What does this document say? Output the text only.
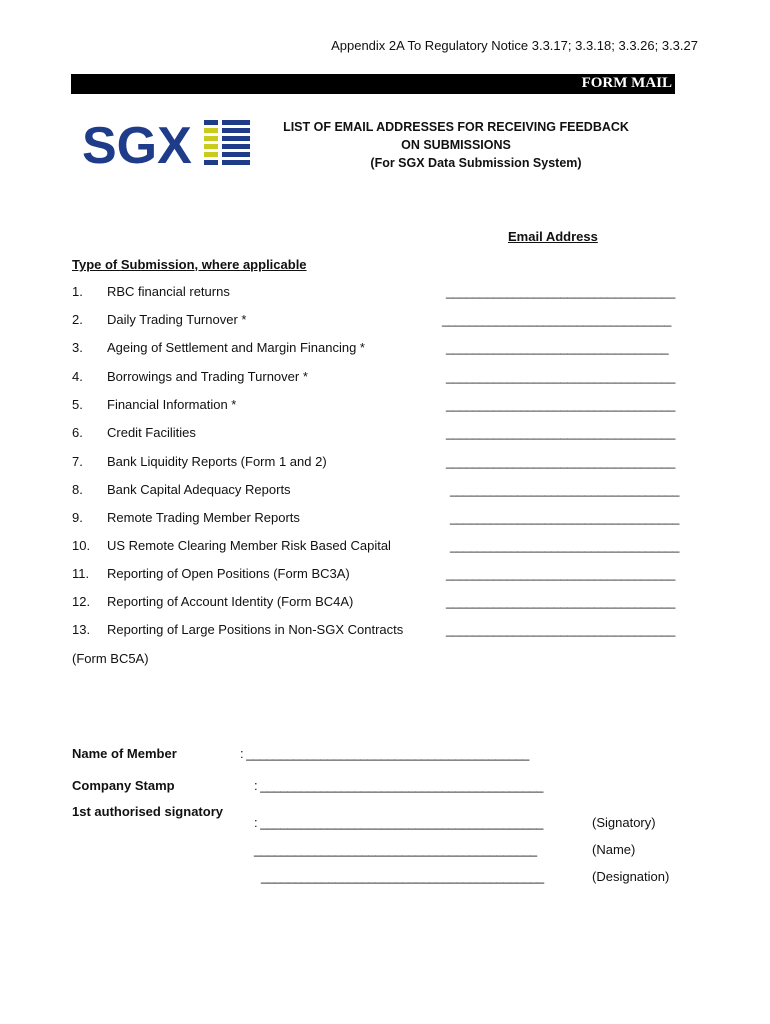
Appendix 2A To Regulatory Notice 3.3.17; 3.3.18; 3.3.26; 3.3.27
FORM MAIL
SGX	LIST OF EMAIL ADDRESSES FOR RECEIVING FEEDBACK
ON SUBMISSIONS
(For SGX Data Submission System)
Email Address
Type of Submission, where applicable
1. RBC financial returns	__________________________________
2. Daily Trading Turnover *	__________________________________
3. Ageing of Settlement and Margin Financing *	_________________________________
4. Borrowings and Trading Turnover *	__________________________________
5. Financial Information *	__________________________________
6. Credit Facilities	__________________________________
7. Bank Liquidity Reports (Form 1 and 2)	__________________________________
8. Bank Capital Adequacy Reports	__________________________________
9. Remote Trading Member Reports	__________________________________
10. US Remote Clearing Member Risk Based Capital	__________________________________
11. Reporting of Open Positions (Form BC3A)	__________________________________
12. Reporting of Account Identity (Form BC4A)	__________________________________
13. Reporting of Large Positions in Non-SGX Contracts	__________________________________
(Form BC5A)
Name of Member	: __________________________________________
Company Stamp	: __________________________________________
1st authorised signatory
: __________________________________________	(Signatory)
__________________________________________	(Name)
__________________________________________	(Designation)
